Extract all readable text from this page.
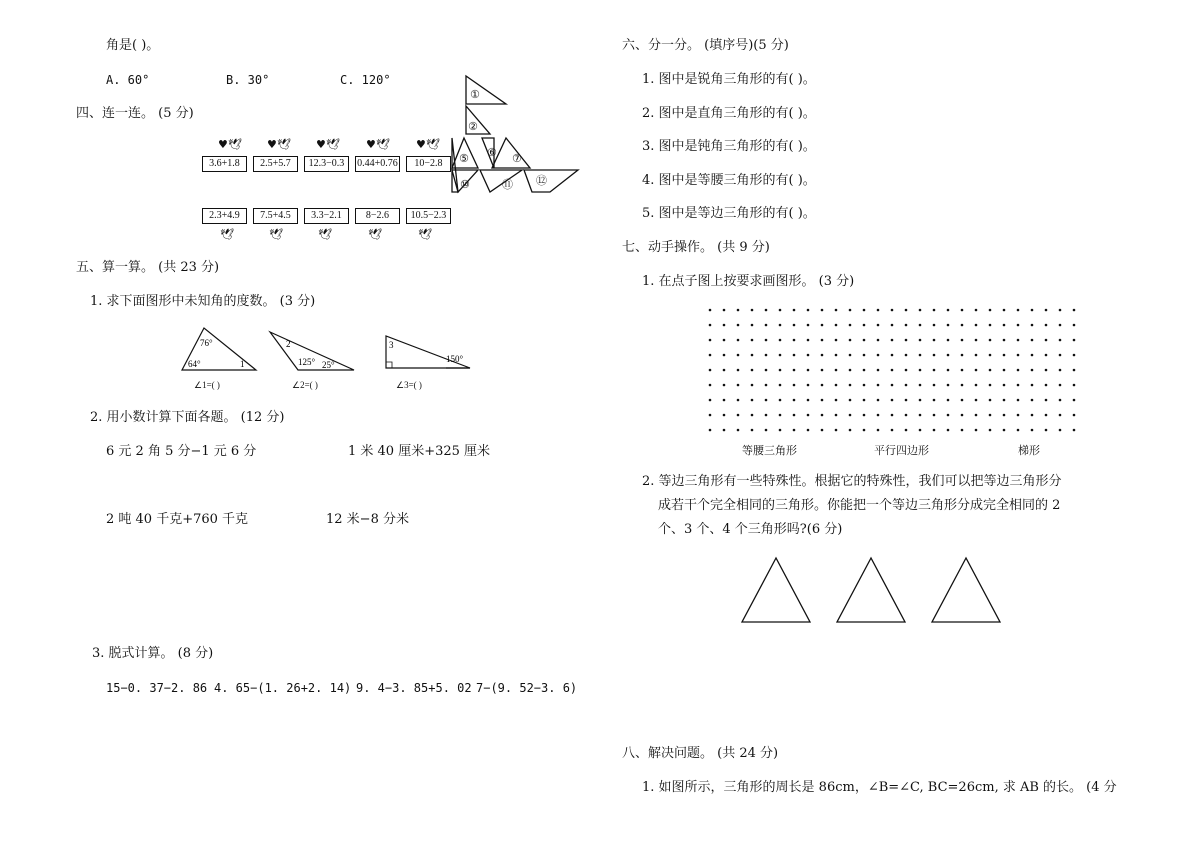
角是( )。
A. 60°	B. 30°	C. 120°
四、连一连。 (5 分)
♥🕊 ♥🕊 ♥🕊 ♥🕊 ♥🕊
3.6+1.8	2.5+5.7	12.3−0.3	0.44+0.76	10−2.8
2.3+4.9	7.5+4.5	3.3−2.1	8−2.6	10.5−2.3
🕊	🕊	🕊	🕊	🕊
①
②
⑤ ⑥ ⑦
⑩	⑪ ⑫
五、算一算。 (共 23 分)
1. 求下面图形中未知角的度数。 (3 分)
76°
64°	1
∠1=( )
2
125° 25°
∠2=( )
3
150°
∠3=( )
2. 用小数计算下面各题。 (12 分)
6 元 2 角 5 分−1 元 6 分	1 米 40 厘米+325 厘米
2 吨 40 千克+760 千克	12 米−8 分米
3. 脱式计算。 (8 分)
15−0. 37−2. 86 4. 65−(1. 26+2. 14) 9. 4−3. 85+5. 02 7−(9. 52−3. 6)
六、分一分。 (填序号)(5 分)
1. 图中是锐角三角形的有( )。
2. 图中是直角三角形的有( )。
3. 图中是钝角三角形的有( )。
4. 图中是等腰三角形的有( )。
5. 图中是等边三角形的有( )。
七、动手操作。 (共 9 分)
1. 在点子图上按要求画图形。 (3 分)
等腰三角形	平行四边形	梯形
2. 等边三角形有一些特殊性。根据它的特殊性，我们可以把等边三角形分
成若干个完全相同的三角形。你能把一个等边三角形分成完全相同的 2
个、3 个、4 个三角形吗?(6 分)
八、解决问题。 (共 24 分)
1. 如图所示，三角形的周长是 86cm，∠B=∠C, BC=26cm, 求 AB 的长。 (4 分
